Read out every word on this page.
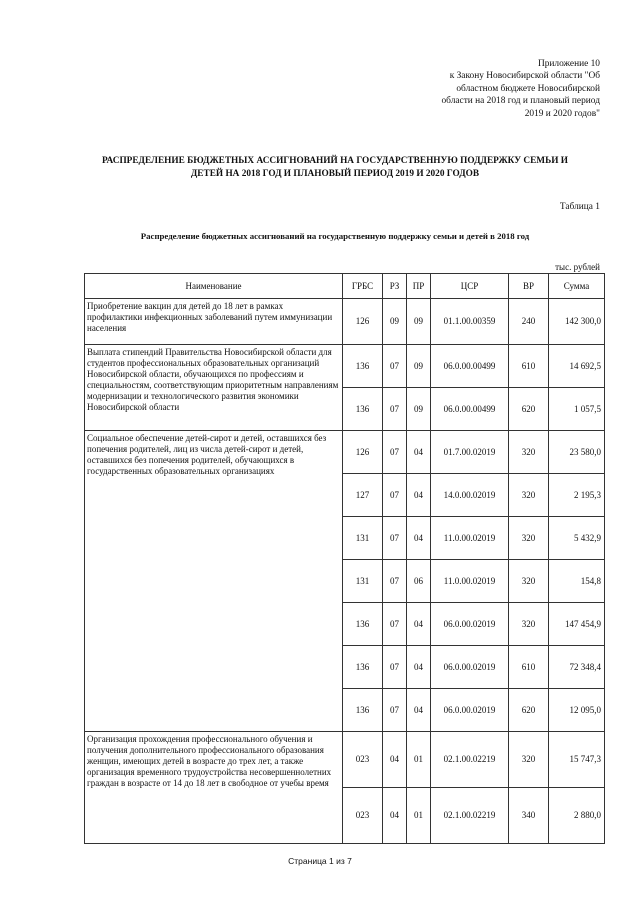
Приложение 10
к Закону Новосибирской области "Об
областном бюджете Новосибирской
области на 2018 год и плановый период
2019 и 2020 годов"
РАСПРЕДЕЛЕНИЕ БЮДЖЕТНЫХ АССИГНОВАНИЙ НА ГОСУДАРСТВЕННУЮ ПОДДЕРЖКУ СЕМЬИ И
ДЕТЕЙ НА 2018 ГОД И ПЛАНОВЫЙ ПЕРИОД 2019 И 2020 ГОДОВ
Таблица 1
Распределение бюджетных ассигнований на государственную поддержку семьи и детей в 2018 год
тыс. рублей
Наименование	ГРБС	РЗ	ПР	ЦСР	ВР	Сумма
Приобретение вакцин для детей до 18 лет в рамках профилактики инфекционных заболеваний путем иммунизации населения	126	09	09	01.1.00.00359	240	142 300,0
Выплата стипендий Правительства Новосибирской области для студентов профессиональных образовательных организаций Новосибирской области, обучающихся по профессиям и специальностям, соответствующим приоритетным направлениям модернизации и технологического развития экономики Новосибирской области	136	07	09	06.0.00.00499	610	14 692,5
	136	07	09	06.0.00.00499	620	1 057,5
Социальное обеспечение детей-сирот и детей, оставшихся без попечения родителей, лиц из числа детей-сирот и детей, оставшихся без попечения родителей, обучающихся в государственных образовательных организациях	126	07	04	01.7.00.02019	320	23 580,0
	127	07	04	14.0.00.02019	320	2 195,3
	131	07	04	11.0.00.02019	320	5 432,9
	131	07	06	11.0.00.02019	320	154,8
	136	07	04	06.0.00.02019	320	147 454,9
	136	07	04	06.0.00.02019	610	72 348,4
	136	07	04	06.0.00.02019	620	12 095,0
Организация прохождения профессионального обучения и получения дополнительного профессионального образования женщин, имеющих детей в возрасте до трех лет, а также организация временного трудоустройства несовершеннолетних граждан в возрасте от 14 до 18 лет в свободное от учебы время	023	04	01	02.1.00.02219	320	15 747,3
	023	04	01	02.1.00.02219	340	2 880,0
Страница 1 из 7
